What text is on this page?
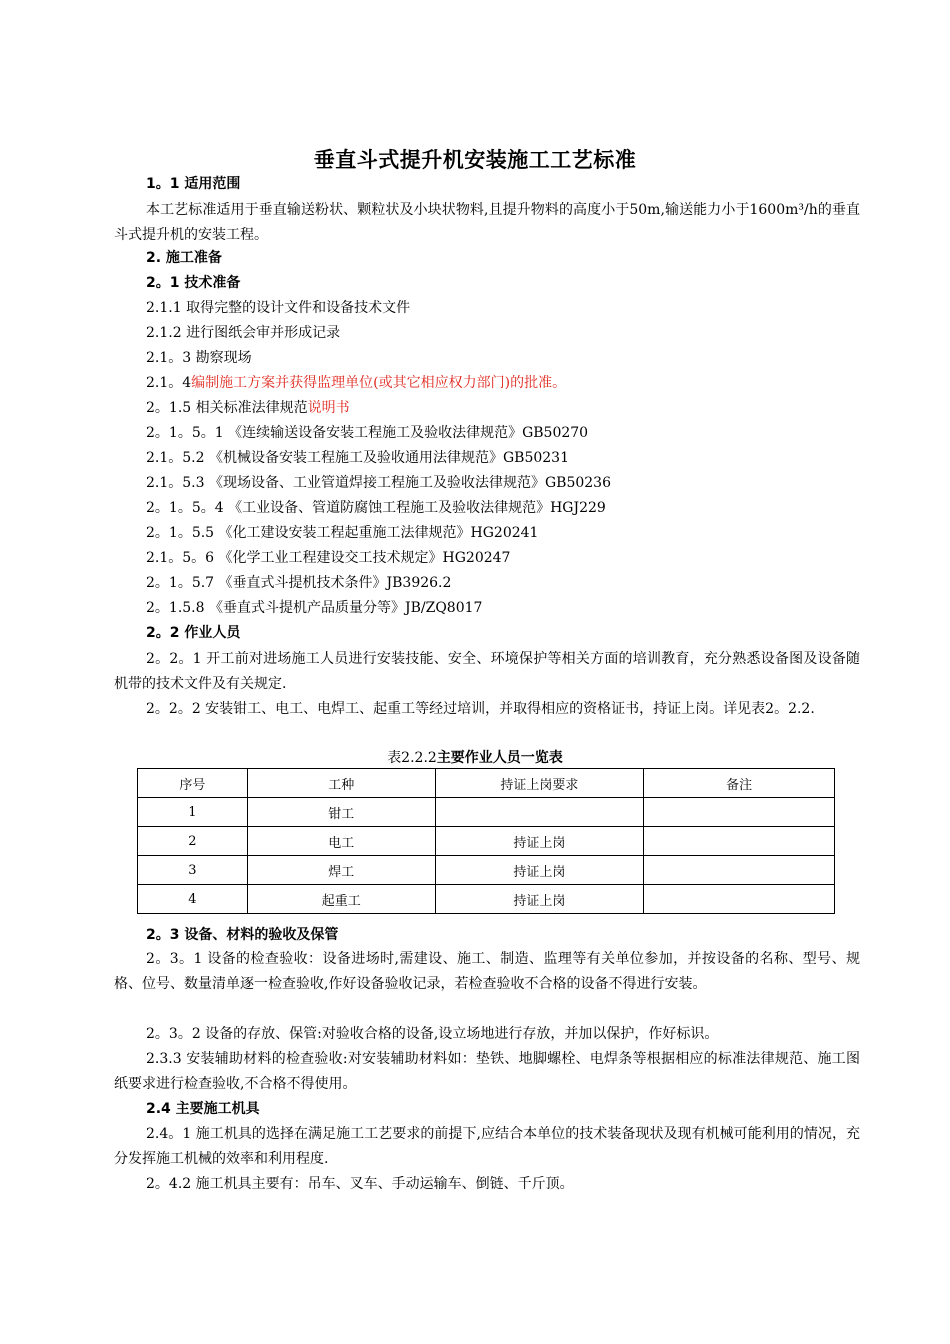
垂直斗式提升机安装施工工艺标准
1。1 适用范围
本工艺标准适用于垂直输送粉状、颗粒状及小块状物料,且提升物料的高度小于50m,输送能力小于1600m³/h的垂直斗式提升机的安装工程。
2. 施工准备
2。1 技术准备
2.1.1 取得完整的设计文件和设备技术文件
2.1.2 进行图纸会审并形成记录
2.1。3 勘察现场
2.1。4编制施工方案并获得监理单位(或其它相应权力部门)的批准。
2。1.5 相关标准法律规范说明书
2。1。5。1 《连续输送设备安装工程施工及验收法律规范》GB50270
2.1。5.2 《机械设备安装工程施工及验收通用法律规范》GB50231
2.1。5.3 《现场设备、工业管道焊接工程施工及验收法律规范》GB50236
2。1。5。4 《工业设备、管道防腐蚀工程施工及验收法律规范》HGJ229
2。1。5.5 《化工建设安装工程起重施工法律规范》HG20241
2.1。5。6 《化学工业工程建设交工技术规定》HG20247
2。1。5.7 《垂直式斗提机技术条件》JB3926.2
2。1.5.8 《垂直式斗提机产品质量分等》JB/ZQ8017
2。2 作业人员
2。2。1 开工前对进场施工人员进行安装技能、安全、环境保护等相关方面的培训教育，充分熟悉设备图及设备随机带的技术文件及有关规定.
2。2。2 安装钳工、电工、电焊工、起重工等经过培训，并取得相应的资格证书，持证上岗。详见表2。2.2.
表2.2.2主要作业人员一览表
序号	工种	持证上岗要求	备注
1	钳工		
2	电工	持证上岗	
3	焊工	持证上岗	
4	起重工	持证上岗	
2。3 设备、材料的验收及保管
2。3。1 设备的检查验收：设备进场时,需建设、施工、制造、监理等有关单位参加，并按设备的名称、型号、规格、位号、数量清单逐一检查验收,作好设备验收记录，若检查验收不合格的设备不得进行安装。
2。3。2 设备的存放、保管:对验收合格的设备,设立场地进行存放，并加以保护，作好标识。
2.3.3 安装辅助材料的检查验收:对安装辅助材料如：垫铁、地脚螺栓、电焊条等根据相应的标准法律规范、施工图纸要求进行检查验收,不合格不得使用。
2.4 主要施工机具
2.4。1 施工机具的选择在满足施工工艺要求的前提下,应结合本单位的技术装备现状及现有机械可能利用的情况，充分发挥施工机械的效率和利用程度.
2。4.2 施工机具主要有：吊车、叉车、手动运输车、倒链、千斤顶。
